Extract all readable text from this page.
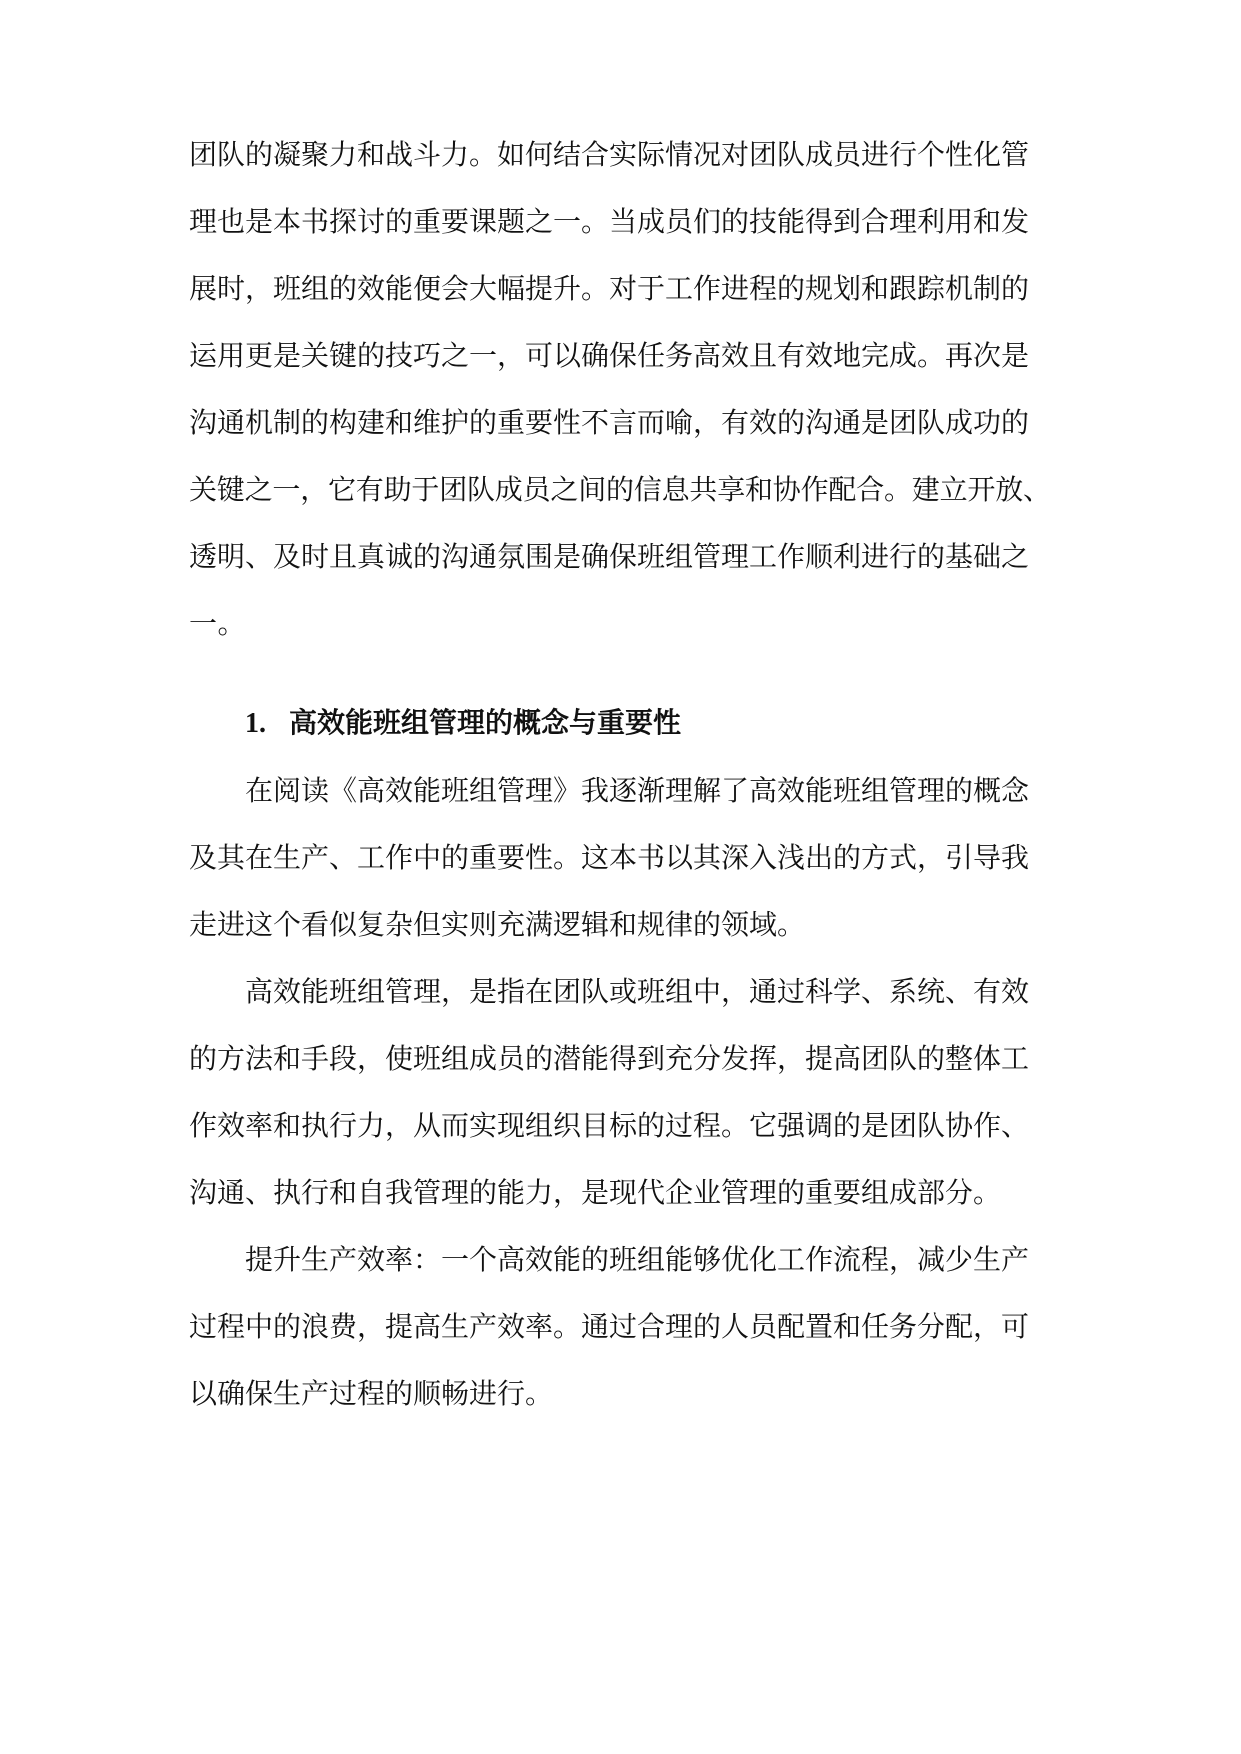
团队的凝聚力和战斗力。如何结合实际情况对团队成员进行个性化管
理也是本书探讨的重要课题之一。当成员们的技能得到合理利用和发
展时，班组的效能便会大幅提升。对于工作进程的规划和跟踪机制的
运用更是关键的技巧之一，可以确保任务高效且有效地完成。再次是
沟通机制的构建和维护的重要性不言而喻，有效的沟通是团队成功的
关键之一，它有助于团队成员之间的信息共享和协作配合。建立开放、
透明、及时且真诚的沟通氛围是确保班组管理工作顺利进行的基础之
一。
1. 高效能班组管理的概念与重要性
在阅读《高效能班组管理》我逐渐理解了高效能班组管理的概念
及其在生产、工作中的重要性。这本书以其深入浅出的方式，引导我
走进这个看似复杂但实则充满逻辑和规律的领域。
高效能班组管理，是指在团队或班组中，通过科学、系统、有效
的方法和手段，使班组成员的潜能得到充分发挥，提高团队的整体工
作效率和执行力，从而实现组织目标的过程。它强调的是团队协作、
沟通、执行和自我管理的能力，是现代企业管理的重要组成部分。
提升生产效率：一个高效能的班组能够优化工作流程，减少生产
过程中的浪费，提高生产效率。通过合理的人员配置和任务分配，可
以确保生产过程的顺畅进行。
